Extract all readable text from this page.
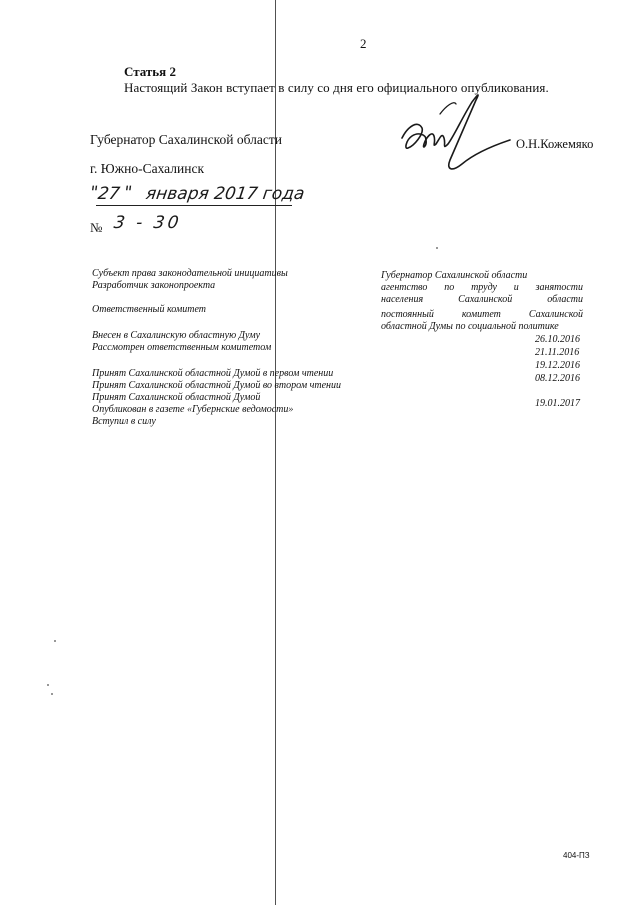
2
Статья 2
Настоящий Закон вступает в силу со дня его официального опубликования.
Губернатор Сахалинской области	О.Н.Кожемяко
г. Южно-Сахалинск
"
27 " января 2017 года
№ 3 - 30
Субъект права законодательной инициативы
Разработчик законопроекта
Ответственный комитет
Внесен в Сахалинскую областную Думу
Рассмотрен ответственным комитетом
Принят Сахалинской областной Думой в первом чтении
Принят Сахалинской областной Думой во втором чтении
Принят Сахалинской областной Думой
Опубликован в газете «Губернские ведомости»
Вступил в силу
Губернатор Сахалинской области
агентство по труду и занятости
населения Сахалинской области
постоянный комитет Сахалинской
областной Думы по социальной политике
26.10.2016
21.11.2016
19.12.2016
08.12.2016
19.01.2017
404-ПЗ
